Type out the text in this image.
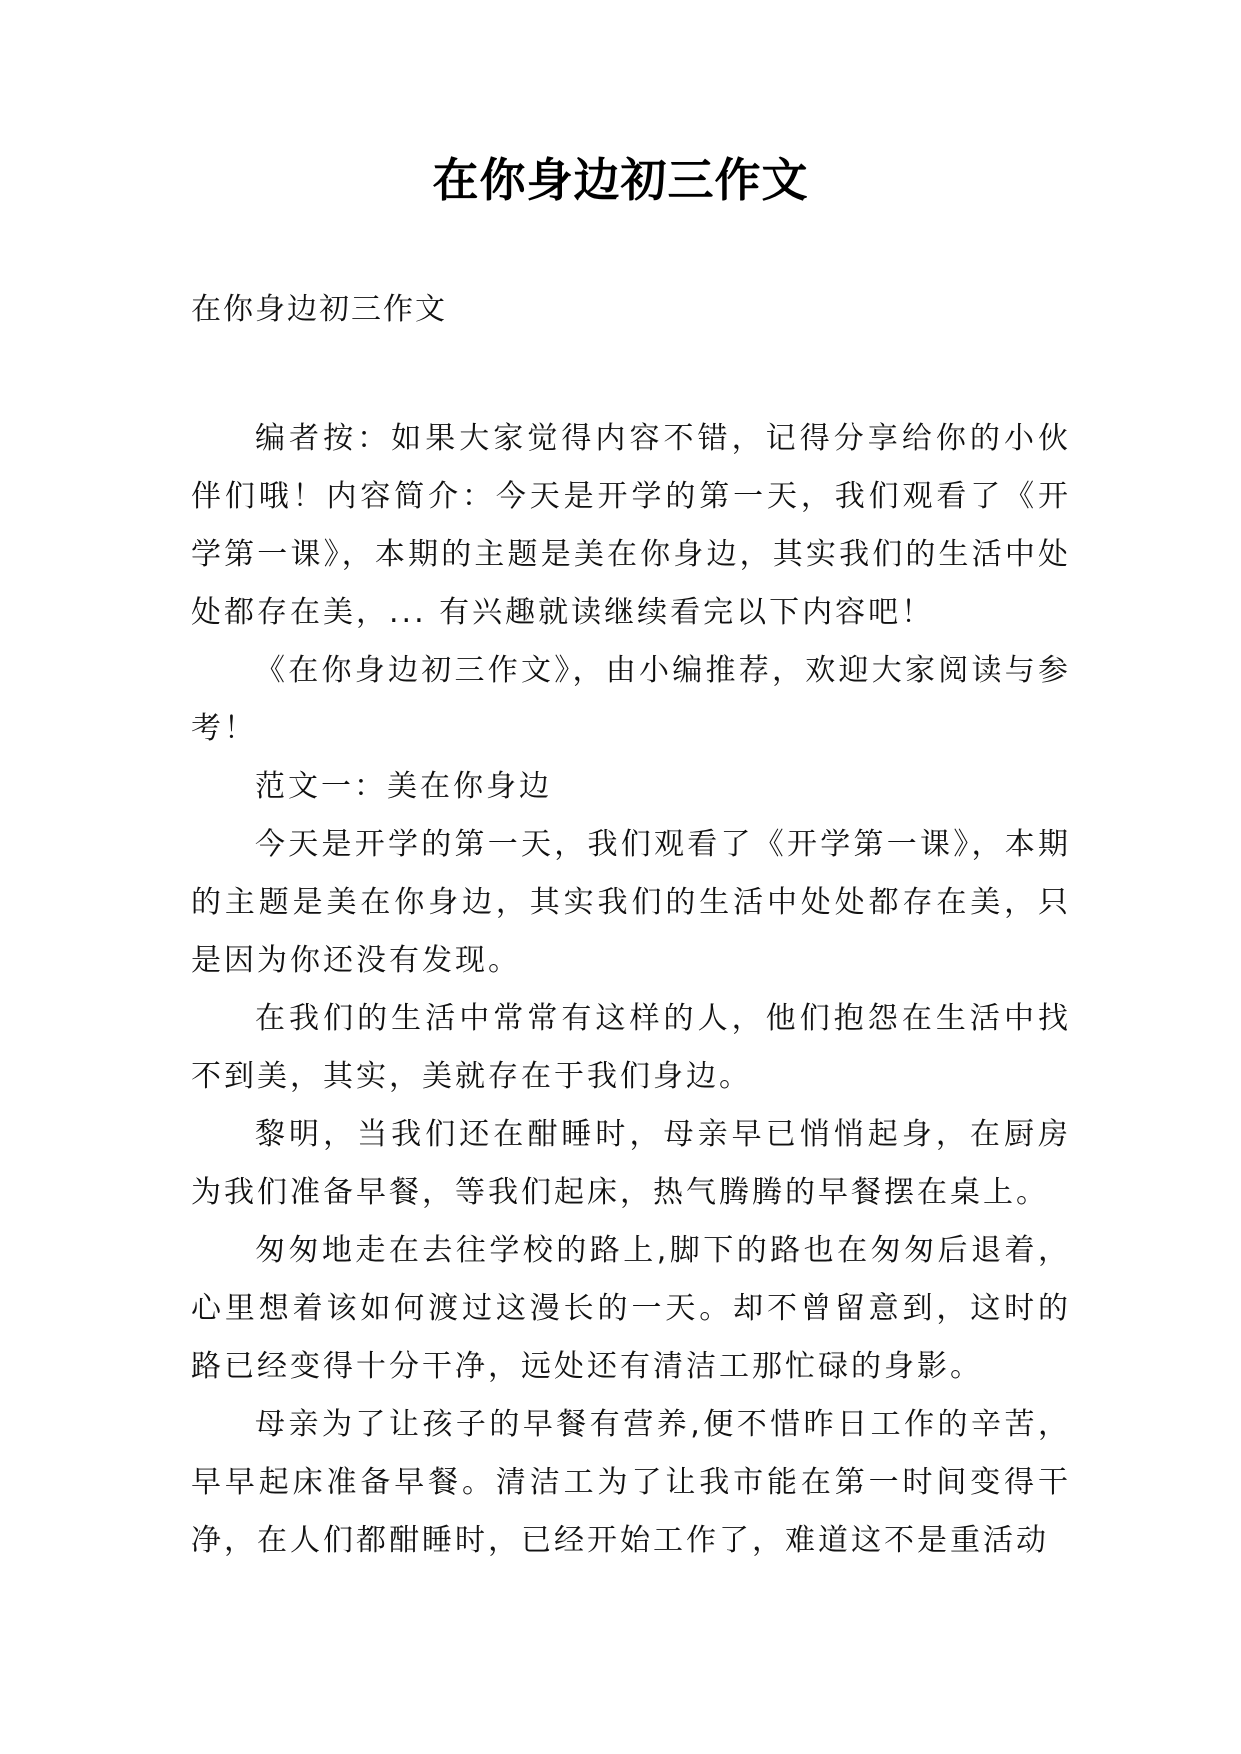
在你身边初三作文
在你身边初三作文

编者按：如果大家觉得内容不错，记得分享给你的小伙伴们哦！内容简介：今天是开学的第一天，我们观看了《开学第一课》，本期的主题是美在你身边，其实我们的生活中处处都存在美，... 有兴趣就读继续看完以下内容吧！

《在你身边初三作文》，由小编推荐，欢迎大家阅读与参考！

范文一：美在你身边

今天是开学的第一天，我们观看了《开学第一课》，本期的主题是美在你身边，其实我们的生活中处处都存在美，只是因为你还没有发现。

在我们的生活中常常有这样的人，他们抱怨在生活中找不到美，其实，美就存在于我们身边。

黎明，当我们还在酣睡时，母亲早已悄悄起身，在厨房为我们准备早餐，等我们起床，热气腾腾的早餐摆在桌上。

匆匆地走在去往学校的路上,脚下的路也在匆匆后退着，心里想着该如何渡过这漫长的一天。却不曾留意到，这时的路已经变得十分干净，远处还有清洁工那忙碌的身影。

母亲为了让孩子的早餐有营养,便不惜昨日工作的辛苦，早早起床准备早餐。清洁工为了让我市能在第一时间变得干净，在人们都酣睡时，已经开始工作了，难道这不是重活动
